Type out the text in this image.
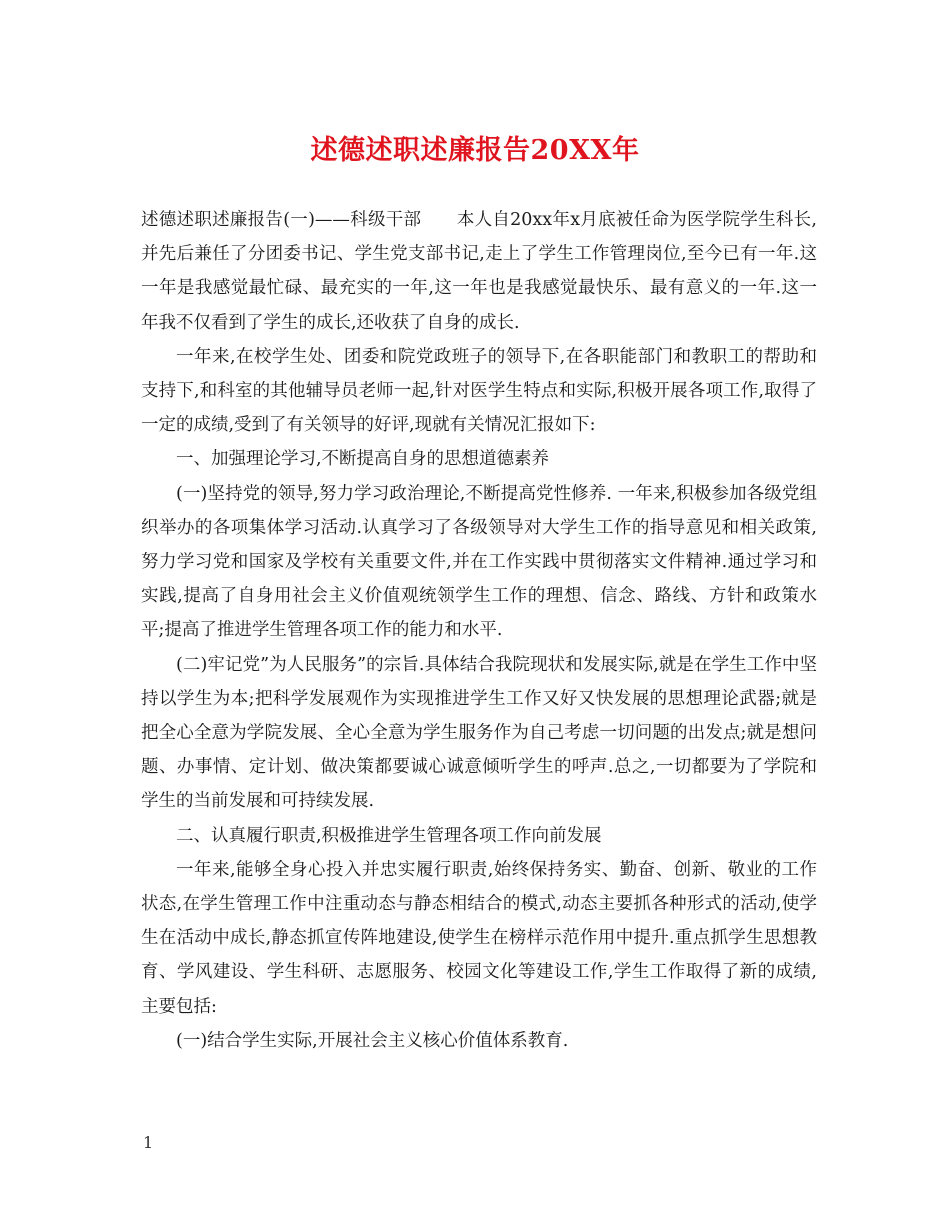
述德述职述廉报告20XX年

述德述职述廉报告(一)——科级干部　　本人自20xx年x月底被任命为医学院学生科长,并先后兼任了分团委书记、学生党支部书记,走上了学生工作管理岗位,至今已有一年.这一年是我感觉最忙碌、最充实的一年,这一年也是我感觉最快乐、最有意义的一年.这一年我不仅看到了学生的成长,还收获了自身的成长.

一年来,在校学生处、团委和院党政班子的领导下,在各职能部门和教职工的帮助和支持下,和科室的其他辅导员老师一起,针对医学生特点和实际,积极开展各项工作,取得了一定的成绩,受到了有关领导的好评,现就有关情况汇报如下:

一、加强理论学习,不断提高自身的思想道德素养

(一)坚持党的领导,努力学习政治理论,不断提高党性修养. 一年来,积极参加各级党组织举办的各项集体学习活动.认真学习了各级领导对大学生工作的指导意见和相关政策,努力学习党和国家及学校有关重要文件,并在工作实践中贯彻落实文件精神.通过学习和实践,提高了自身用社会主义价值观统领学生工作的理想、信念、路线、方针和政策水平;提高了推进学生管理各项工作的能力和水平.

(二)牢记党”为人民服务”的宗旨.具体结合我院现状和发展实际,就是在学生工作中坚持以学生为本;把科学发展观作为实现推进学生工作又好又快发展的思想理论武器;就是把全心全意为学院发展、全心全意为学生服务作为自己考虑一切问题的出发点;就是想问题、办事情、定计划、做决策都要诚心诚意倾听学生的呼声.总之,一切都要为了学院和学生的当前发展和可持续发展.

二、认真履行职责,积极推进学生管理各项工作向前发展

一年来,能够全身心投入并忠实履行职责,始终保持务实、勤奋、创新、敬业的工作状态,在学生管理工作中注重动态与静态相结合的模式,动态主要抓各种形式的活动,使学生在活动中成长,静态抓宣传阵地建设,使学生在榜样示范作用中提升.重点抓学生思想教育、学风建设、学生科研、志愿服务、校园文化等建设工作,学生工作取得了新的成绩,主要包括:

(一)结合学生实际,开展社会主义核心价值体系教育.

1
